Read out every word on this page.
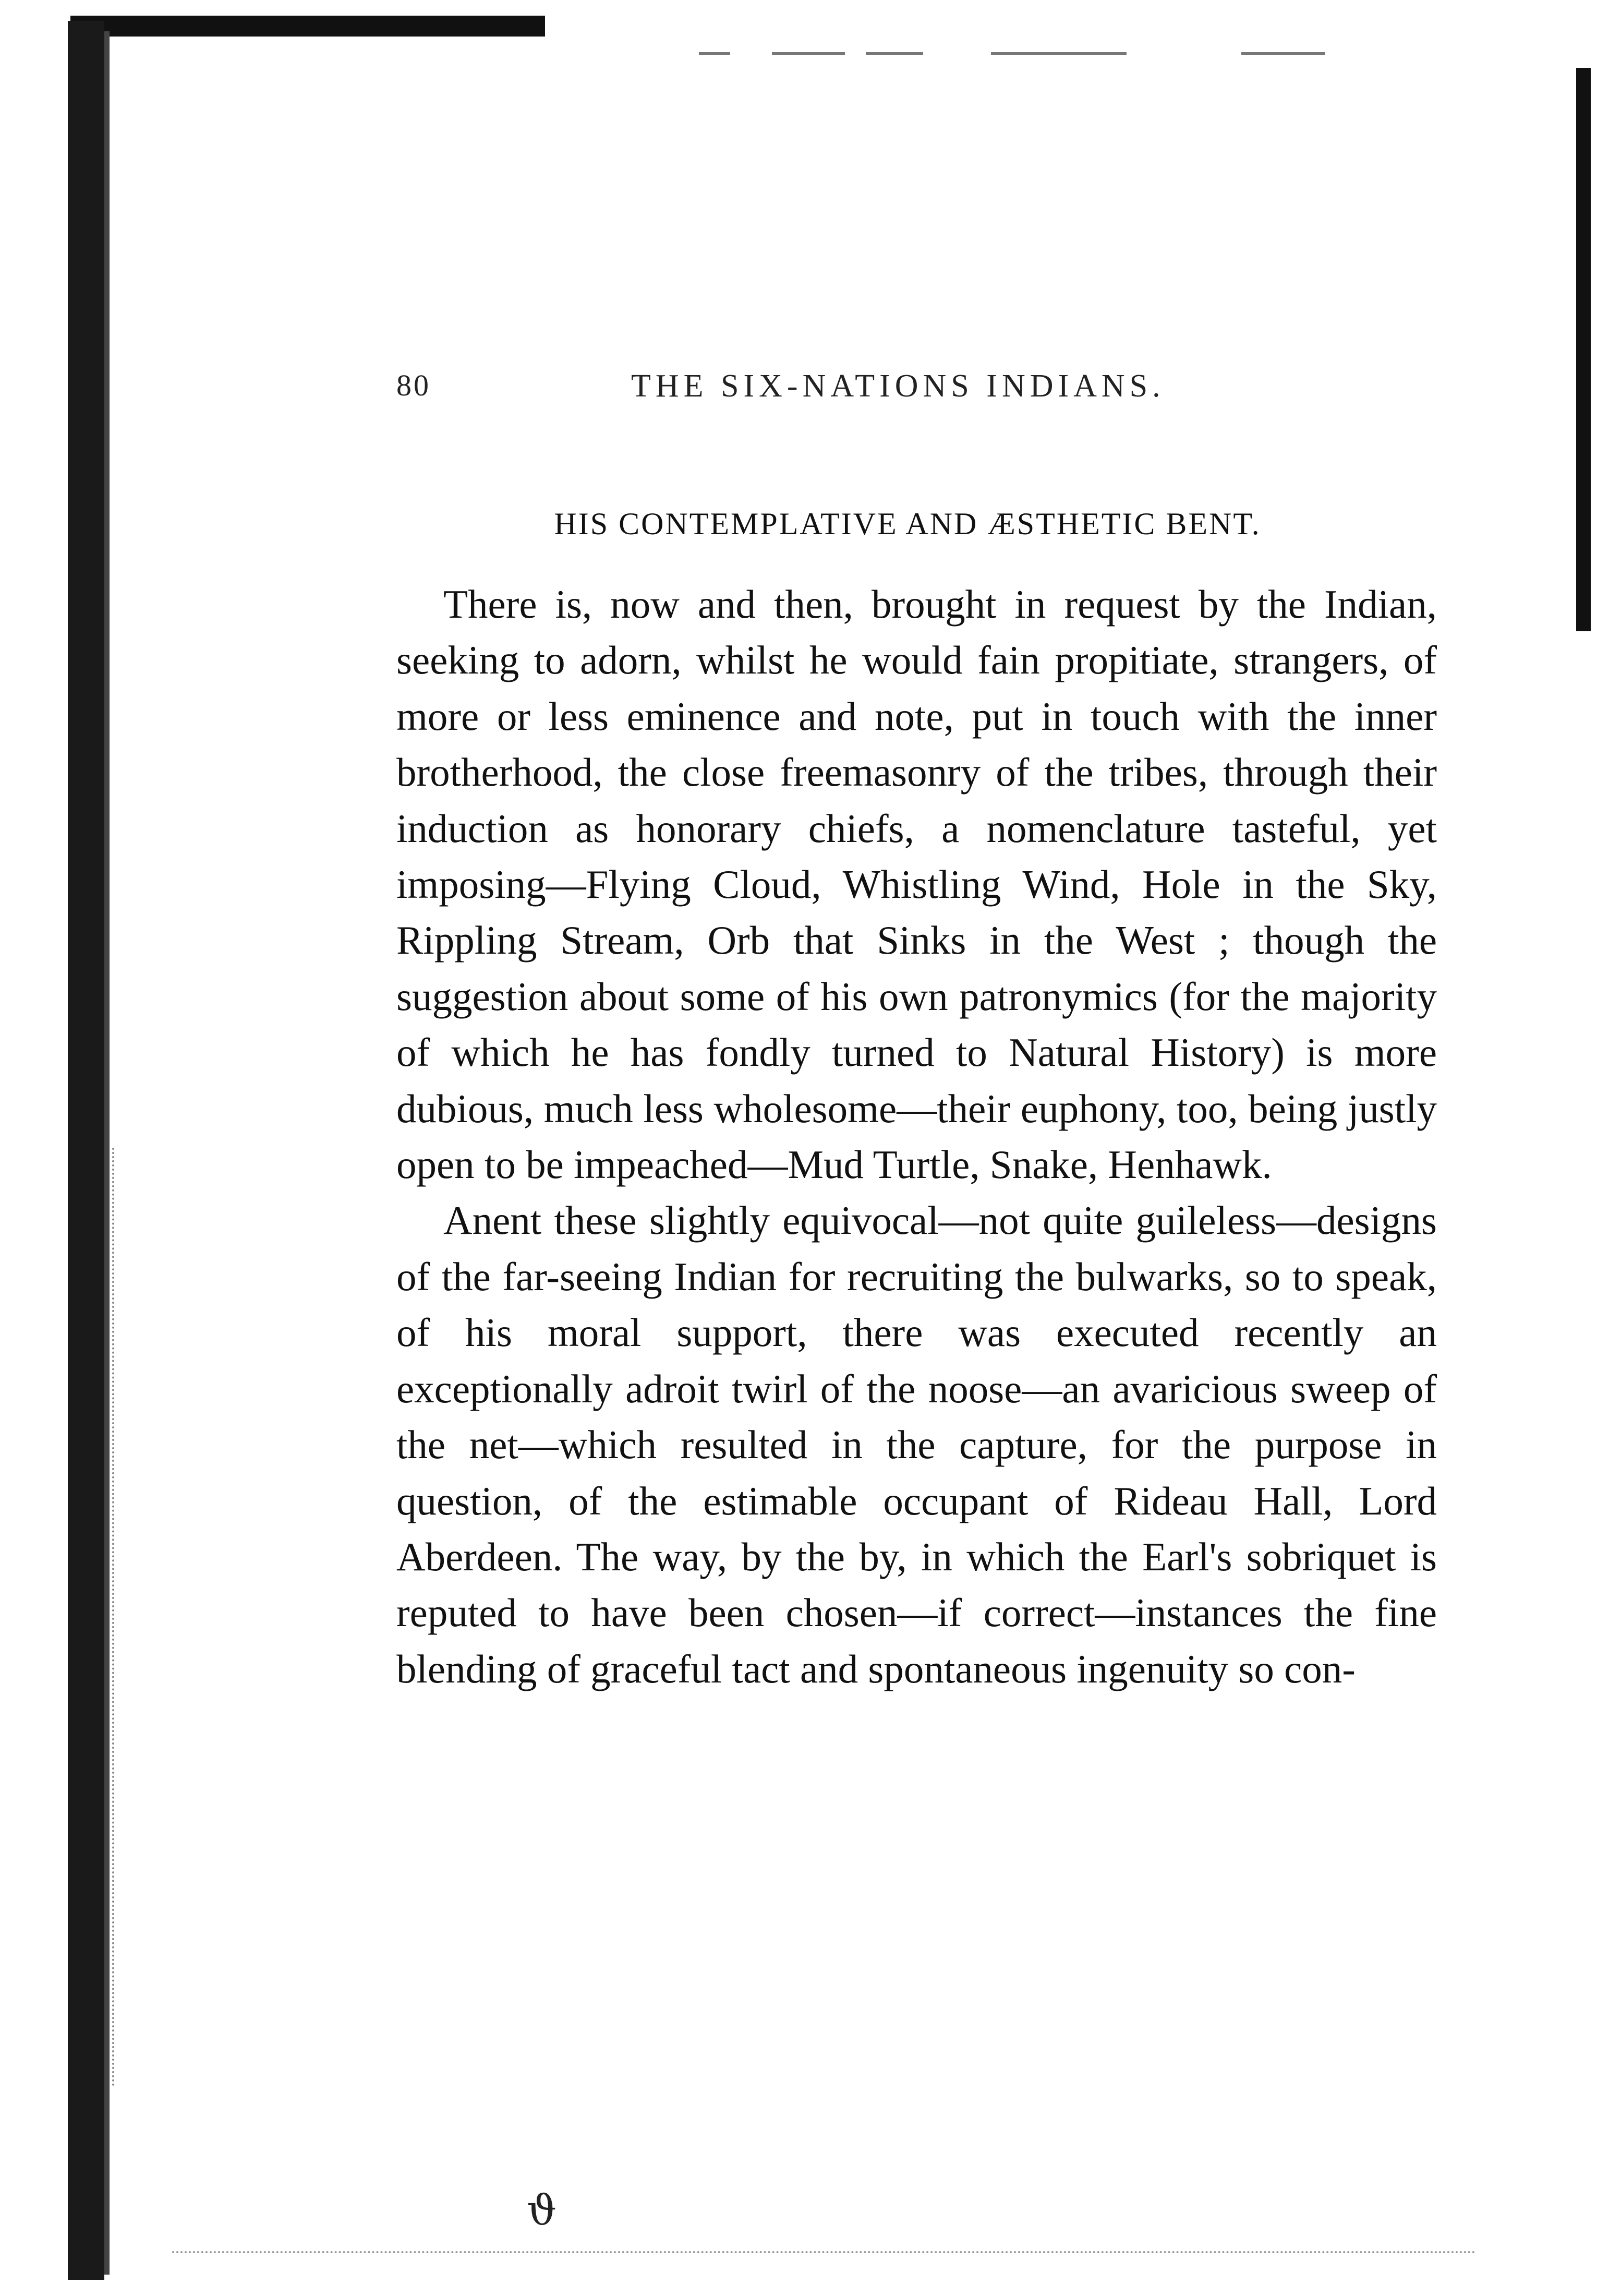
ϑ
80	THE SIX-NATIONS INDIANS.
HIS CONTEMPLATIVE AND ÆSTHETIC BENT.

There is, now and then, brought in request by the Indian, seeking to adorn, whilst he would fain propitiate, strangers, of more or less eminence and note, put in touch with the inner brotherhood, the close freemasonry of the tribes, through their induction as honorary chiefs, a nomenclature tasteful, yet imposing—Flying Cloud, Whistling Wind, Hole in the Sky, Rippling Stream, Orb that Sinks in the West ; though the suggestion about some of his own patronymics (for the majority of which he has fondly turned to Natural History) is more dubious, much less wholesome—their euphony, too, being justly open to be impeached—Mud Turtle, Snake, Henhawk.

Anent these slightly equivocal—not quite guileless—designs of the far-seeing Indian for recruiting the bulwarks, so to speak, of his moral support, there was executed recently an exceptionally adroit twirl of the noose—an avaricious sweep of the net—which resulted in the capture, for the purpose in question, of the estimable occupant of Rideau Hall, Lord Aberdeen. The way, by the by, in which the Earl's sobriquet is reputed to have been chosen—if correct—instances the fine blending of graceful tact and spontaneous ingenuity so con-
